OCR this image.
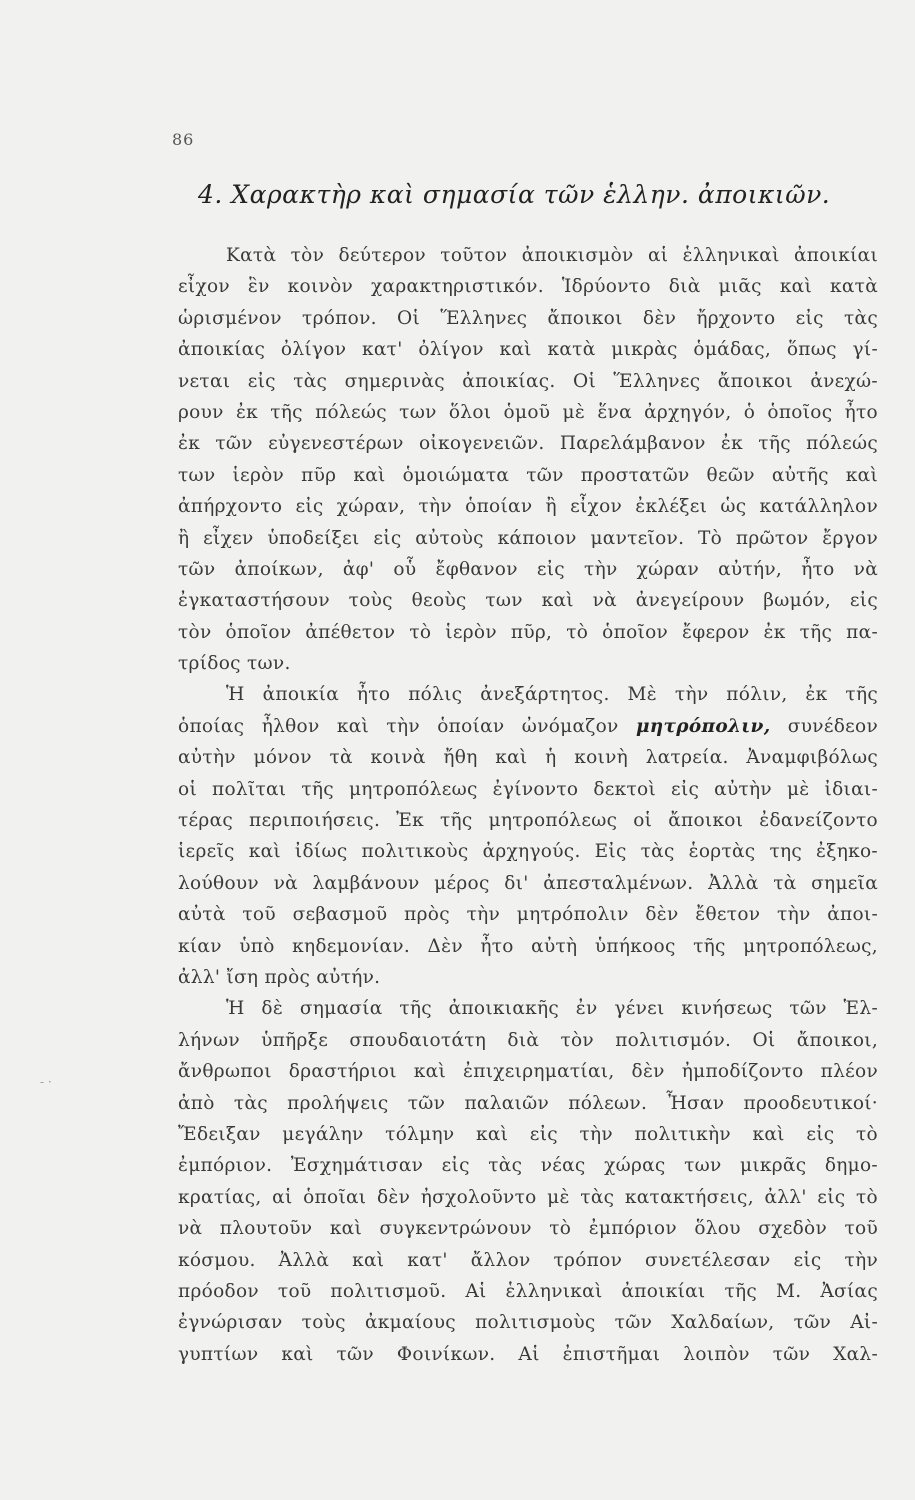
86
4. Χαρακτὴρ καὶ σημασία τῶν ἑλλην. ἀποικιῶν.
- ·
Κατὰ τὸν δεύτερον τοῦτον ἀποικισμὸν αἱ ἑλληνικαὶ ἀποικίαι
εἶχον ἓν κοινὸν χαρακτηριστικόν. Ἱδρύοντο διὰ μιᾶς καὶ κατὰ
ὡρισμένον τρόπον. Οἱ Ἕλληνες ἄποικοι δὲν ἤρχοντο εἰς τὰς
ἀποικίας ὀλίγον κατ' ὀλίγον καὶ κατὰ μικρὰς ὁμάδας, ὅπως γί-
νεται εἰς τὰς σημερινὰς ἀποικίας. Οἱ Ἕλληνες ἄποικοι ἀνεχώ-
ρουν ἐκ τῆς πόλεώς των ὅλοι ὁμοῦ μὲ ἕνα ἀρχηγόν, ὁ ὁποῖος ἦτο
ἐκ τῶν εὐγενεστέρων οἰκογενειῶν. Παρελάμβανον ἐκ τῆς πόλεώς
των ἱερὸν πῦρ καὶ ὁμοιώματα τῶν προστατῶν θεῶν αὐτῆς καὶ
ἀπήρχοντο εἰς χώραν, τὴν ὁποίαν ἢ εἶχον ἐκλέξει ὡς κατάλληλον
ἢ εἶχεν ὑποδείξει εἰς αὐτοὺς κάποιον μαντεῖον. Τὸ πρῶτον ἔργον
τῶν ἀποίκων, ἀφ' οὗ ἔφθανον εἰς τὴν χώραν αὐτήν, ἦτο νὰ
ἐγκαταστήσουν τοὺς θεοὺς των καὶ νὰ ἀνεγείρουν βωμόν, εἰς
τὸν ὁποῖον ἀπέθετον τὸ ἱερὸν πῦρ, τὸ ὁποῖον ἔφερον ἐκ τῆς πα-
τρίδος των.
Ἡ ἀποικία ἦτο πόλις ἀνεξάρτητος. Μὲ τὴν πόλιν, ἐκ τῆς
ὁποίας ἦλθον καὶ τὴν ὁποίαν ὠνόμαζον μητρόπολιν, συνέδεον
αὐτὴν μόνον τὰ κοινὰ ἤθη καὶ ἡ κοινὴ λατρεία. Ἀναμφιβόλως
οἱ πολῖται τῆς μητροπόλεως ἐγίνοντο δεκτοὶ εἰς αὐτὴν μὲ ἰδιαι-
τέρας περιποιήσεις. Ἐκ τῆς μητροπόλεως οἱ ἄποικοι ἐδανείζοντο
ἱερεῖς καὶ ἰδίως πολιτικοὺς ἀρχηγούς. Εἰς τὰς ἑορτὰς της ἐξηκο-
λούθουν νὰ λαμβάνουν μέρος δι' ἀπεσταλμένων. Ἀλλὰ τὰ σημεῖα
αὐτὰ τοῦ σεβασμοῦ πρὸς τὴν μητρόπολιν δὲν ἔθετον τὴν ἀποι-
κίαν ὑπὸ κηδεμονίαν. Δὲν ἦτο αὐτὴ ὑπήκοος τῆς μητροπόλεως,
ἀλλ' ἴση πρὸς αὐτήν.
Ἡ δὲ σημασία τῆς ἀποικιακῆς ἐν γένει κινήσεως τῶν Ἑλ-
λήνων ὑπῆρξε σπουδαιοτάτη διὰ τὸν πολιτισμόν. Οἱ ἄποικοι,
ἄνθρωποι δραστήριοι καὶ ἐπιχειρηματίαι, δὲν ἠμποδίζοντο πλέον
ἀπὸ τὰς προλήψεις τῶν παλαιῶν πόλεων. Ἦσαν προοδευτικοί·
Ἔδειξαν μεγάλην τόλμην καὶ εἰς τὴν πολιτικὴν καὶ εἰς τὸ
ἐμπόριον. Ἐσχημάτισαν εἰς τὰς νέας χώρας των μικρᾶς δημο-
κρατίας, αἱ ὁποῖαι δὲν ἠσχολοῦντο μὲ τὰς κατακτήσεις, ἀλλ' εἰς τὸ
νὰ πλουτοῦν καὶ συγκεντρώνουν τὸ ἐμπόριον ὅλου σχεδὸν τοῦ
κόσμου. Ἀλλὰ καὶ κατ' ἄλλον τρόπον συνετέλεσαν εἰς τὴν
πρόοδον τοῦ πολιτισμοῦ. Αἱ ἑλληνικαὶ ἀποικίαι τῆς Μ. Ἀσίας
ἐγνώρισαν τοὺς ἀκμαίους πολιτισμοὺς τῶν Χαλδαίων, τῶν Αἰ-
γυπτίων καὶ τῶν Φοινίκων. Αἱ ἐπιστῆμαι λοιπὸν τῶν Χαλ-
